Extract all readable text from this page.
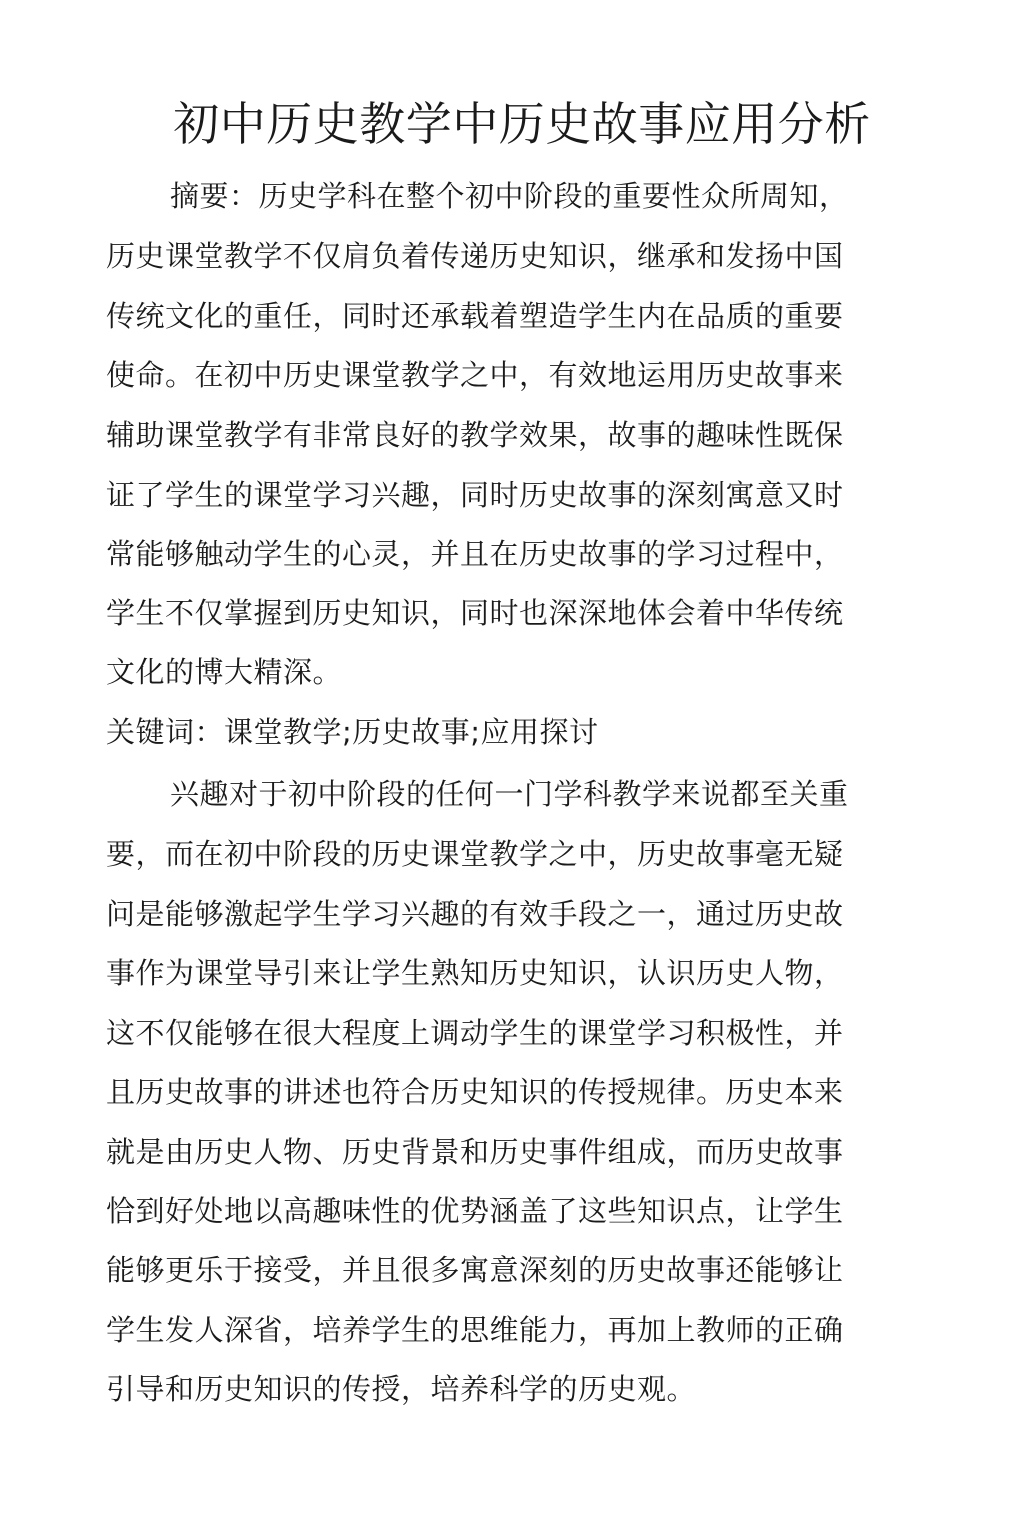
初中历史教学中历史故事应用分析
摘要：历史学科在整个初中阶段的重要性众所周知，
历史课堂教学不仅肩负着传递历史知识，继承和发扬中国
传统文化的重任，同时还承载着塑造学生内在品质的重要
使命。在初中历史课堂教学之中，有效地运用历史故事来
辅助课堂教学有非常良好的教学效果，故事的趣味性既保
证了学生的课堂学习兴趣，同时历史故事的深刻寓意又时
常能够触动学生的心灵，并且在历史故事的学习过程中，
学生不仅掌握到历史知识，同时也深深地体会着中华传统
文化的博大精深。
关键词：课堂教学;历史故事;应用探讨
兴趣对于初中阶段的任何一门学科教学来说都至关重
要，而在初中阶段的历史课堂教学之中，历史故事毫无疑
问是能够激起学生学习兴趣的有效手段之一，通过历史故
事作为课堂导引来让学生熟知历史知识，认识历史人物，
这不仅能够在很大程度上调动学生的课堂学习积极性，并
且历史故事的讲述也符合历史知识的传授规律。历史本来
就是由历史人物、历史背景和历史事件组成，而历史故事
恰到好处地以高趣味性的优势涵盖了这些知识点，让学生
能够更乐于接受，并且很多寓意深刻的历史故事还能够让
学生发人深省，培养学生的思维能力，再加上教师的正确
引导和历史知识的传授，培养科学的历史观。
